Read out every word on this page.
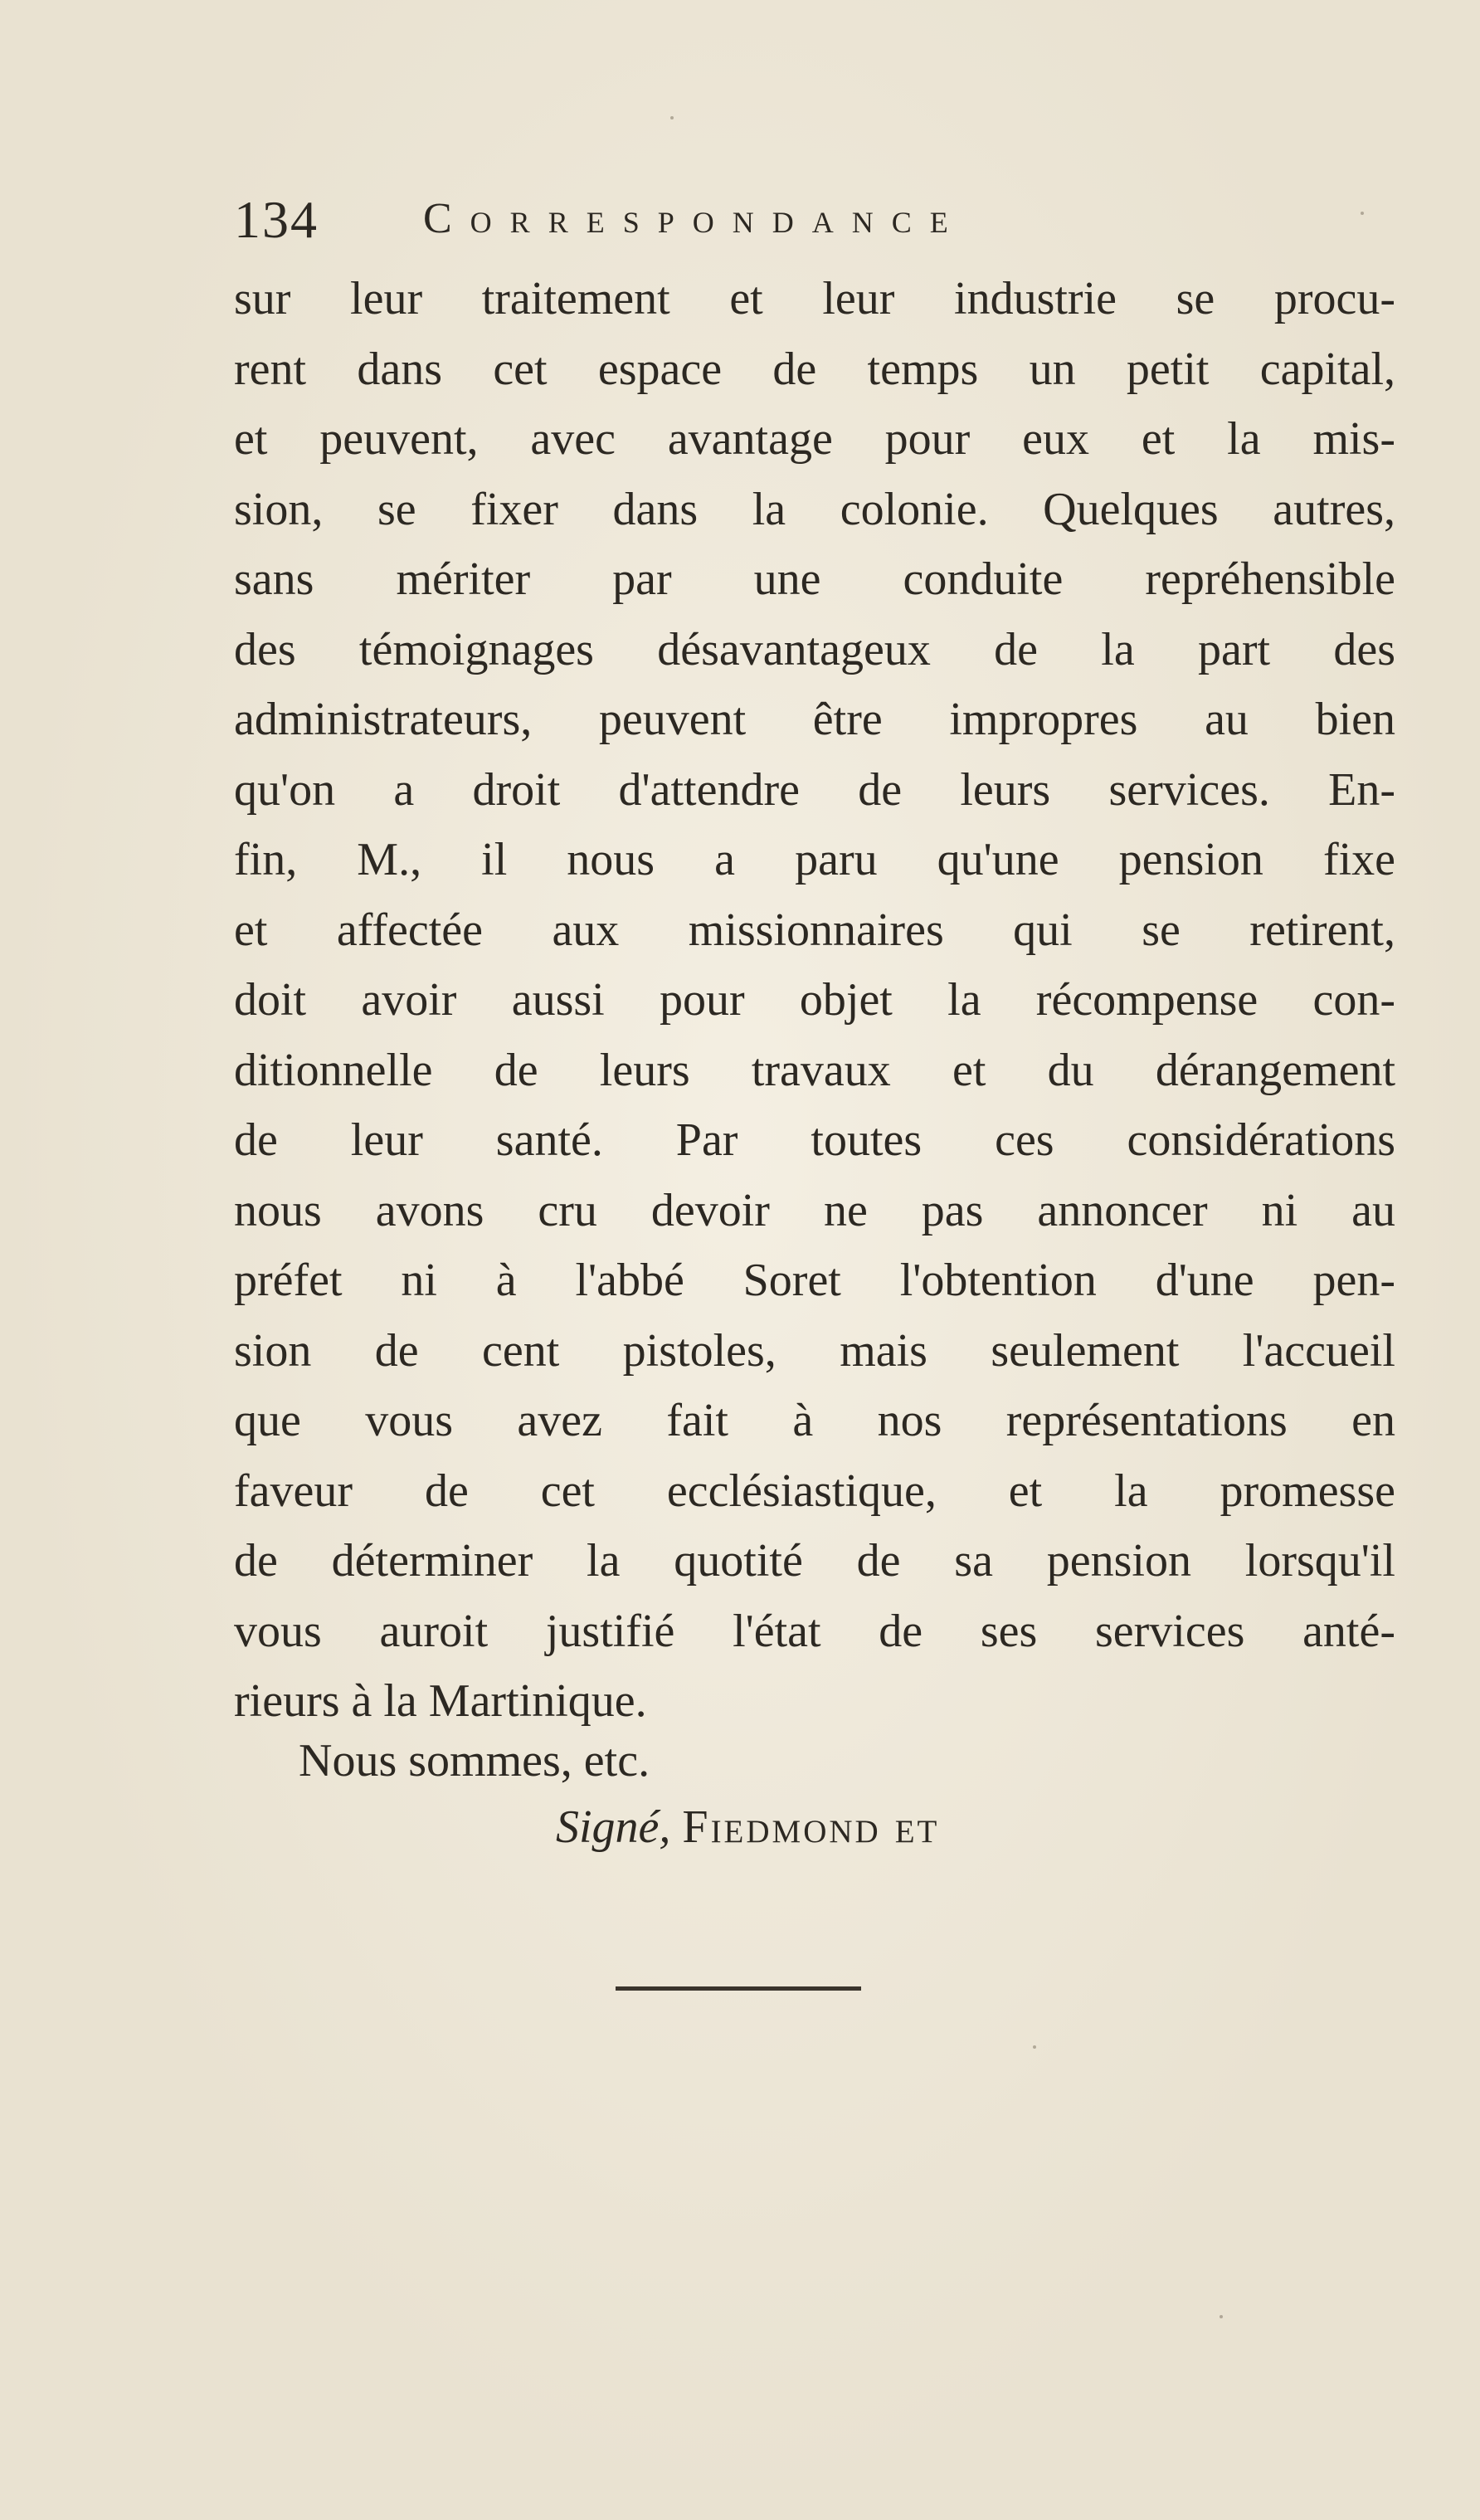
134 Correspondance
sur leur traitement et leur industrie se procu-
rent dans cet espace de temps un petit capital,
et peuvent, avec avantage pour eux et la mis-
sion, se fixer dans la colonie. Quelques autres,
sans mériter par une conduite repréhensible
des témoignages désavantageux de la part des
administrateurs, peuvent être impropres au bien
qu'on a droit d'attendre de leurs services. En-
fin, M., il nous a paru qu'une pension fixe
et affectée aux missionnaires qui se retirent,
doit avoir aussi pour objet la récompense con-
ditionnelle de leurs travaux et du dérangement
de leur santé. Par toutes ces considérations
nous avons cru devoir ne pas annoncer ni au
préfet ni à l'abbé Soret l'obtention d'une pen-
sion de cent pistoles, mais seulement l'accueil
que vous avez fait à nos représentations en
faveur de cet ecclésiastique, et la promesse
de déterminer la quotité de sa pension lorsqu'il
vous auroit justifié l'état de ses services anté-
rieurs à la Martinique.
Nous sommes, etc.
Signé, Fiedmond et
